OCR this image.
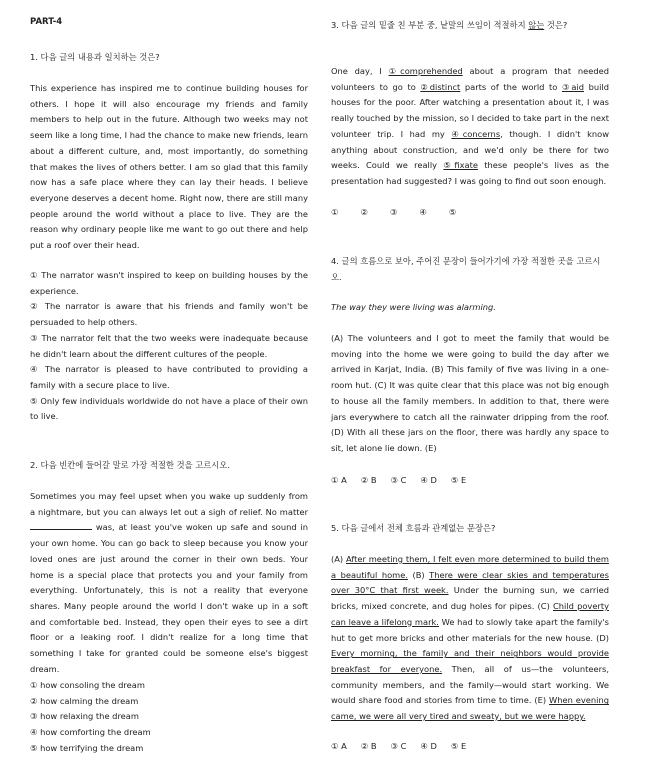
PART-4
1. 다음 글의 내용과 일치하는 것은?

This experience has inspired me to continue building houses for others. I hope it will also encourage my friends and family members to help out in the future. Although two weeks may not seem like a long time, I had the chance to make new friends, learn about a different culture, and, most importantly, do something that makes the lives of others better. I am so glad that this family now has a safe place where they can lay their heads. I believe everyone deserves a decent home. Right now, there are still many people around the world without a place to live. They are the reason why ordinary people like me want to go out there and help put a roof over their head.

① The narrator wasn't inspired to keep on building houses by the experience.
② The narrator is aware that his friends and family won't be persuaded to help others.
③ The narrator felt that the two weeks were inadequate because he didn't learn about the different cultures of the people.
④ The narrator is pleased to have contributed to providing a family with a secure place to live.
⑤ Only few individuals worldwide do not have a place of their own to live.
2. 다음 빈칸에 들어갈 말로 가장 적절한 것을 고르시오.

Sometimes you may feel upset when you wake up suddenly from a nightmare, but you can always let out a sigh of relief. No matter  was, at least you've woken up safe and sound in your own home. You can go back to sleep because you know your loved ones are just around the corner in their own beds. Your home is a special place that protects you and your family from everything. Unfortunately, this is not a reality that everyone shares. Many people around the world I don't wake up in a soft and comfortable bed. Instead, they open their eyes to see a dirt floor or a leaking roof. I didn't realize for a long time that something I take for granted could be someone else's biggest dream.

① how consoling the dream
② how calming the dream
③ how relaxing the dream
④ how comforting the dream
⑤ how terrifying the dream
3. 다음 글의 밑줄 친 부분 중, 낱말의 쓰임이 적절하지 않는 것은?

One day, I ①comprehended about a program that needed volunteers to go to ②distinct parts of the world to ③aid build houses for the poor. After watching a presentation about it, I was really touched by the mission, so I decided to take part in the next volunteer trip. I had my ④concerns, though. I didn't know anything about construction, and we'd only be there for two weeks. Could we really ⑤fixate these people's lives as the presentation had suggested? I was going to find out soon enough.

①	②	③	④	⑤
4. 글의 흐름으로 보아, 주어진 문장이 들어가기에 가장 적절한 곳을 고르시오.
The way they were living was alarming.

(A) The volunteers and I got to meet the family that would be moving into the home we were going to build the day after we arrived in Karjat, India. (B) This family of five was living in a one-room hut. (C) It was quite clear that this place was not big enough to house all the family members. In addition to that, there were jars everywhere to catch all the rainwater dripping from the roof. (D) With all these jars on the floor, there was hardly any space to sit, let alone lie down. (E)

① A ② B ③ C ④ D ⑤ E
5. 다음 글에서 전체 흐름과 관계없는 문장은?

(A) After meeting them, I felt even more determined to build them a beautiful home. (B) There were clear skies and temperatures over 30°C that first week. Under the burning sun, we carried bricks, mixed concrete, and dug holes for pipes. (C) Child poverty can leave a lifelong mark. We had to slowly take apart the family's hut to get more bricks and other materials for the new house. (D) Every morning, the family and their neighbors would provide breakfast for everyone. Then, all of us—the volunteers, community members, and the family—would start working. We would share food and stories from time to time. (E) When evening came, we were all very tired and sweaty, but we were happy.

① A ② B ③ C ④ D ⑤ E
